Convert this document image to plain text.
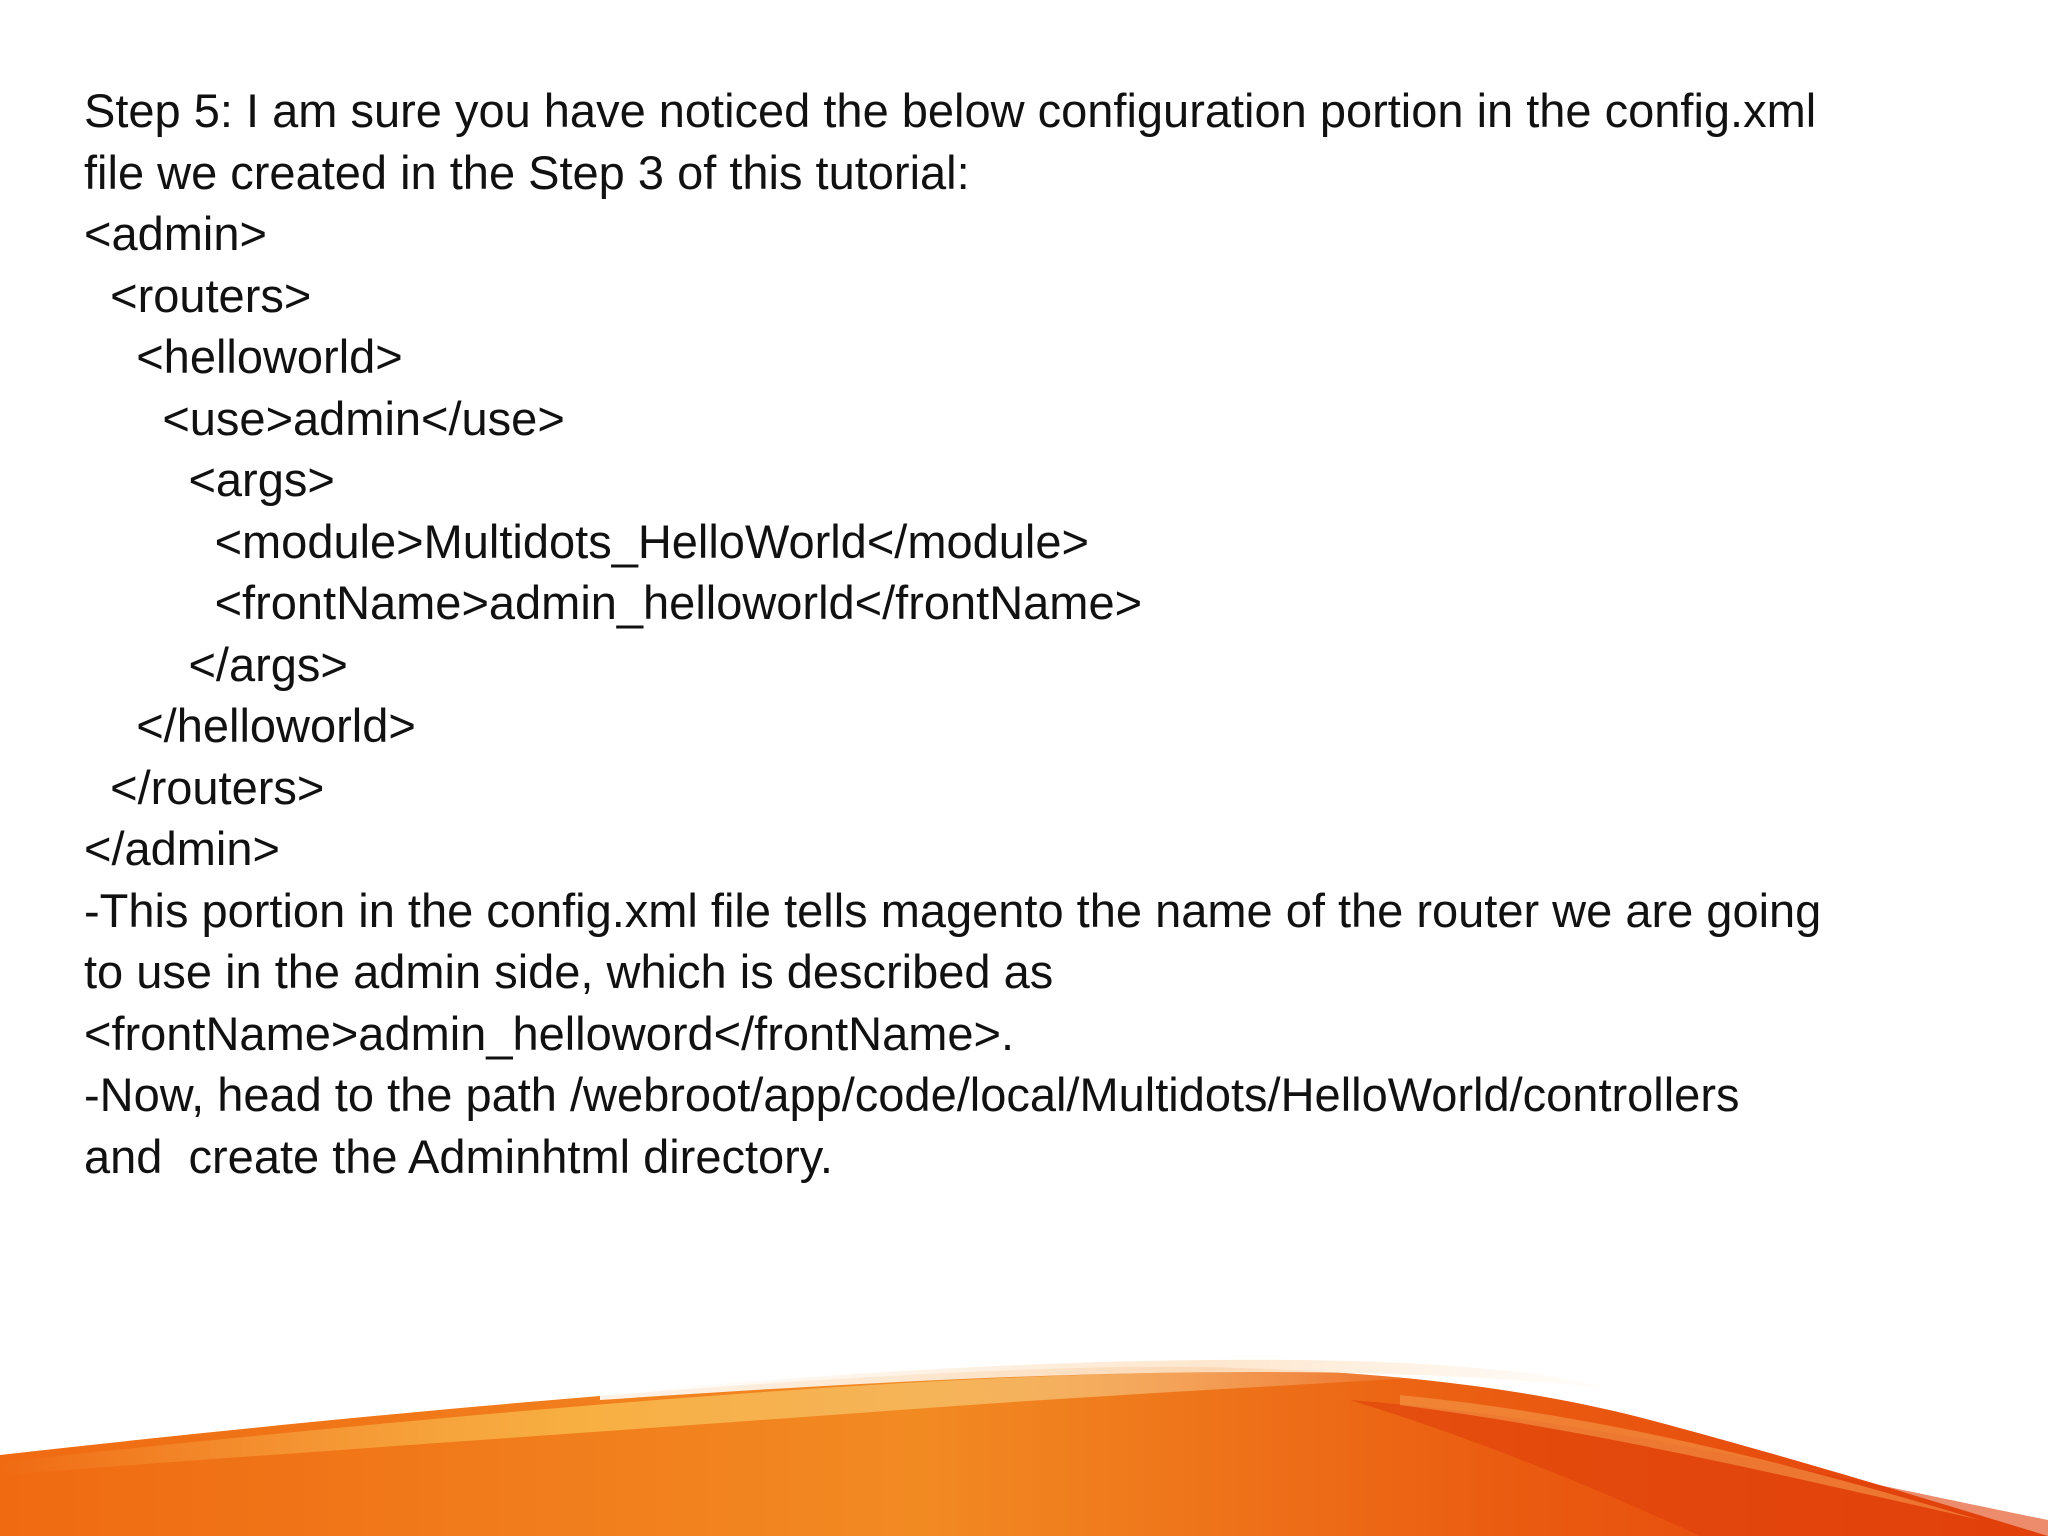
Step 5: I am sure you have noticed the below configuration portion in the config.xml

file we created in the Step 3 of this tutorial:

<admin>

<routers>

<helloworld>

<use>admin</use>

<args>

<module>Multidots_HelloWorld</module>

<frontName>admin_helloworld</frontName>

</args>

</helloworld>

</routers>

</admin>

-This portion in the config.xml file tells magento the name of the router we are going

to use in the admin side, which is described as

<frontName>admin_helloword</frontName>.

-Now, head to the path /webroot/app/code/local/Multidots/HelloWorld/controllers

and  create the Adminhtml directory.
